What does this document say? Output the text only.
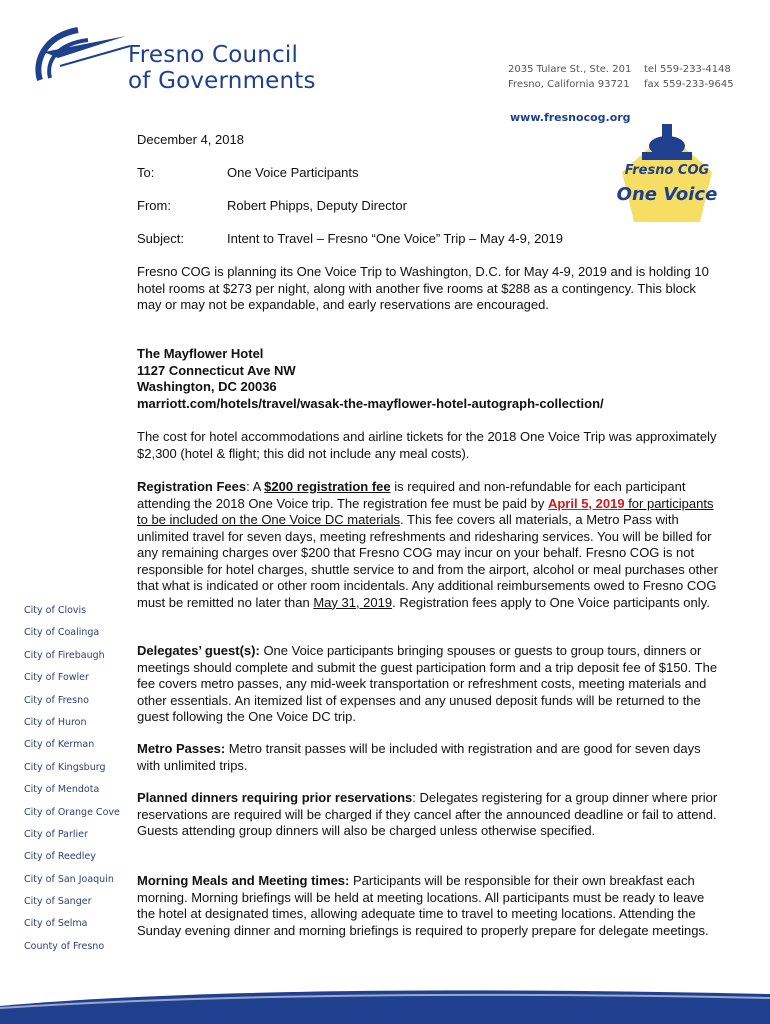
Fresno Council
of Governments	2035 Tulare St., Ste. 201
Fresno, California 93721
tel 559-233-4148
fax 559-233-9645
www.fresnocog.org
Fresno COG
One Voice
December 4, 2018
To:	One Voice Participants
From:	Robert Phipps, Deputy Director
Subject:	Intent to Travel – Fresno “One Voice” Trip – May 4-9, 2019
Fresno COG is planning its One Voice Trip to Washington, D.C. for May 4-9, 2019 and is holding 10 hotel rooms at $273 per night, along with another five rooms at $288 as a contingency. This block may or may not be expandable, and early reservations are encouraged.
The Mayflower Hotel
1127 Connecticut Ave NW
Washington, DC 20036
marriott.com/hotels/travel/wasak-the-mayflower-hotel-autograph-collection/
The cost for hotel accommodations and airline tickets for the 2018 One Voice Trip was approximately $2,300 (hotel & flight; this did not include any meal costs).
Registration Fees: A $200 registration fee is required and non-refundable for each participant attending the 2018 One Voice trip. The registration fee must be paid by April 5, 2019 for participants to be included on the One Voice DC materials. This fee covers all materials, a Metro Pass with unlimited travel for seven days, meeting refreshments and ridesharing services. You will be billed for any remaining charges over $200 that Fresno COG may incur on your behalf. Fresno COG is not responsible for hotel charges, shuttle service to and from the airport, alcohol or meal purchases other that what is indicated or other room incidentals. Any additional reimbursements owed to Fresno COG must be remitted no later than May 31, 2019. Registration fees apply to One Voice participants only.
Delegates’ guest(s): One Voice participants bringing spouses or guests to group tours, dinners or meetings should complete and submit the guest participation form and a trip deposit fee of $150. The fee covers metro passes, any mid-week transportation or refreshment costs, meeting materials and other essentials. An itemized list of expenses and any unused deposit funds will be returned to the guest following the One Voice DC trip.
Metro Passes: Metro transit passes will be included with registration and are good for seven days with unlimited trips.
Planned dinners requiring prior reservations: Delegates registering for a group dinner where prior reservations are required will be charged if they cancel after the announced deadline or fail to attend. Guests attending group dinners will also be charged unless otherwise specified.
Morning Meals and Meeting times: Participants will be responsible for their own breakfast each morning. Morning briefings will be held at meeting locations. All participants must be ready to leave the hotel at designated times, allowing adequate time to travel to meeting locations. Attending the Sunday evening dinner and morning briefings is required to properly prepare for delegate meetings.
City of Clovis
City of Coalinga
City of Firebaugh
City of Fowler
City of Fresno
City of Huron
City of Kerman
City of Kingsburg
City of Mendota
City of Orange Cove
City of Parlier
City of Reedley
City of San Joaquin
City of Sanger
City of Selma
County of Fresno
